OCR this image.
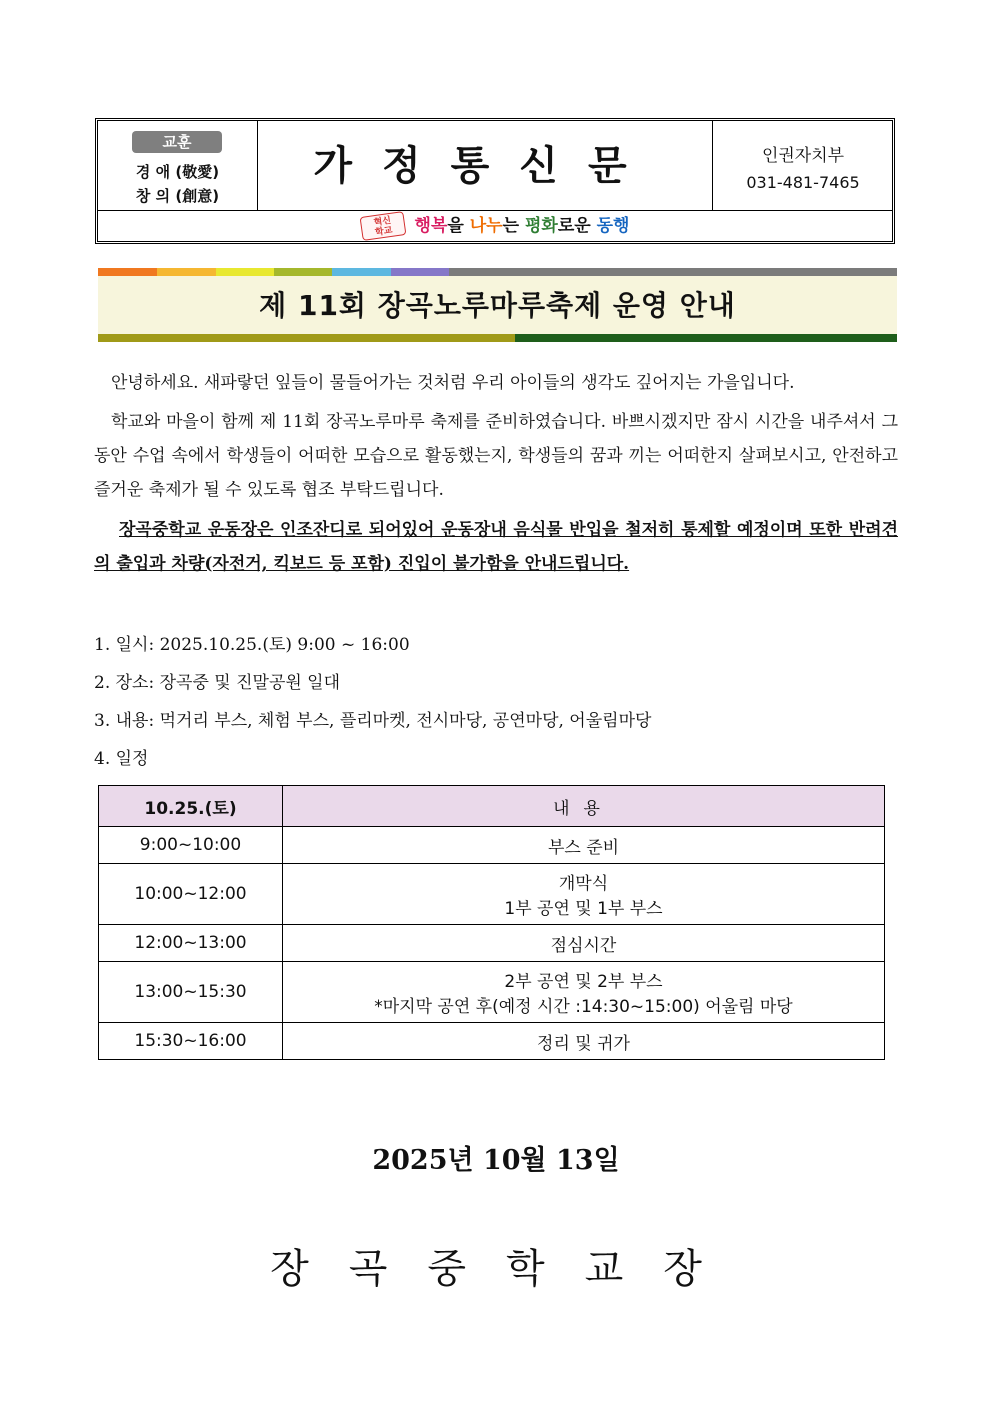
교훈
경 애 (敬愛)
창 의 (創意)
가정통신문	인권자치부
031-481-7465
혁신
학교 행복을 나누는 평화로운 동행
제 11회 장곡노루마루축제 운영 안내

안녕하세요. 새파랗던 잎들이 물들어가는 것처럼 우리 아이들의 생각도 깊어지는 가을입니다.

학교와 마을이 함께 제 11회 장곡노루마루 축제를 준비하였습니다. 바쁘시겠지만 잠시 시간을 내주셔서 그동안 수업 속에서 학생들이 어떠한 모습으로 활동했는지, 학생들의 꿈과 끼는 어떠한지 살펴보시고, 안전하고 즐거운 축제가 될 수 있도록 협조 부탁드립니다.

장곡중학교 운동장은 인조잔디로 되어있어 운동장내 음식물 반입을 철저히 통제할 예정이며 또한 반려견의 출입과 차량(자전거, 킥보드 등 포함) 진입이 불가함을 안내드립니다.

1. 일시: 2025.10.25.(토) 9:00 ~ 16:00
2. 장소: 장곡중 및 진말공원 일대
3. 내용: 먹거리 부스, 체험 부스, 플리마켓, 전시마당, 공연마당, 어울림마당
4. 일정
10.25.(토)	내용
9:00~10:00	부스 준비

10:00~12:00	개막식
1부 공연 및 1부 부스

12:00~13:00	점심시간

13:00~15:30	2부 공연 및 2부 부스
*마지막 공연 후(예정 시간 :14:30~15:00) 어울림 마당

15:30~16:00	정리 및 귀가
2025년 10월 13일
장곡중학교장
